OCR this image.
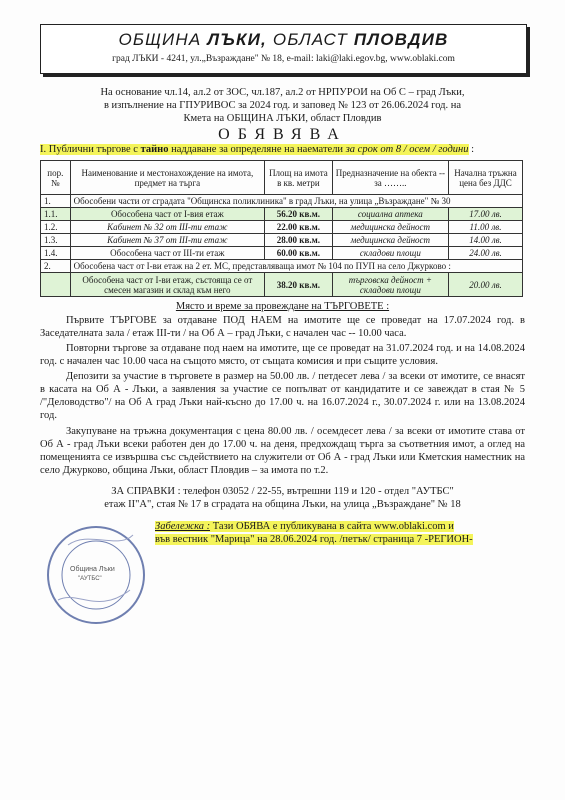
ОБЩИНА ЛЪКИ, ОБЛАСТ ПЛОВДИВ
град ЛЪКИ - 4241, ул.„Възраждане" № 18, e-mail: laki@laki.egov.bg, www.oblaki.com
На основание чл.14, ал.2 от ЗОС, чл.187, ал.2 от НРПУРОИ на Об С – град Лъки,
в изпълнение на ГПУРИВОС за 2024 год. и заповед № 123 от 26.06.2024 год. на
Кмета на ОБЩИНА ЛЪКИ, област Пловдив
ОБЯВЯВА
I. Публични търгове с тайно наддаване за определяне на наематели за срок от 8 / осем / години :
пор. №	Наименование и местонахождение на имота, предмет на търга	Площ на имота в кв. метри	Предназначение на обекта -- за ……..	Начална тръжна цена без ДДС
1.	Обособени части от сградата "Общинска поликлиника" в град Лъки, на улица „Възраждане" № 30			
1.1.	Обособена част от I-вия етаж	56.20 кв.м.	социална аптека	17.00 лв.
1.2.	Кабинет № 32 от III-ти етаж	22.00 кв.м.	медицинска дейност	11.00 лв.
1.3.	Кабинет № 37 от III-ти етаж	28.00 кв.м.	медицинска дейност	14.00 лв.
1.4.	Обособена част от III-ти етаж	60.00 кв.м.	складови площи	24.00 лв.
2.	Обособена част от I-ви етаж на 2 ет. МС, представляваща имот № 104 по ПУП на село Джурково :			
	Обособена част от I-ви етаж, състояща се от смесен магазин и склад към него	38.20 кв.м.	търговска дейност + складови площи	20.00 лв.
Място и време за провеждане на ТЪРГОВЕТЕ :
Първите ТЪРГОВЕ за отдаване ПОД НАЕМ на имотите ще се проведат на 17.07.2024 год. в Заседателната зала / етаж III-ти / на Об А – град Лъки, с начален час -- 10.00 часа.
Повторни търгове за отдаване под наем на имотите, ще се проведат на 31.07.2024 год. и на 14.08.2024 год. с начален час 10.00 часа на същото място, от същата комисия и при същите условия.
Депозити за участие в търговете в размер на 50.00 лв. / петдесет лева / за всеки от имотите, се внасят в касата на Об А - Лъки, а заявления за участие се попълват от кандидатите и се завеждат в стая № 5 /"Деловодство"/ на Об А град Лъки най-късно до 17.00 ч. на 16.07.2024 г., 30.07.2024 г. или на 13.08.2024 год.
Закупуване на тръжна документация с цена 80.00 лв. / осемдесет лева / за всеки от имотите става от Об А - град Лъки всеки работен ден до 17.00 ч. на деня, предхождащ търга за съответния имот, а оглед на помещенията се извършва със съдействието на служители от Об А - град Лъки или Кметския наместник на село Джурково, община Лъки, област Пловдив – за имота по т.2.
ЗА СПРАВКИ : телефон 03052 / 22-55, вътрешни 119 и 120 - отдел "АУТБС"
етаж II"А", стая № 17 в сградата на община Лъки, на улица „Възраждане" № 18
Община Лъки
"АУТБС"
Забележка : Тази ОБЯВА е публикувана в сайта www.oblaki.com и
във вестник "Марица" на 28.06.2024 год. /петък/ страница 7 -РЕГИОН-
